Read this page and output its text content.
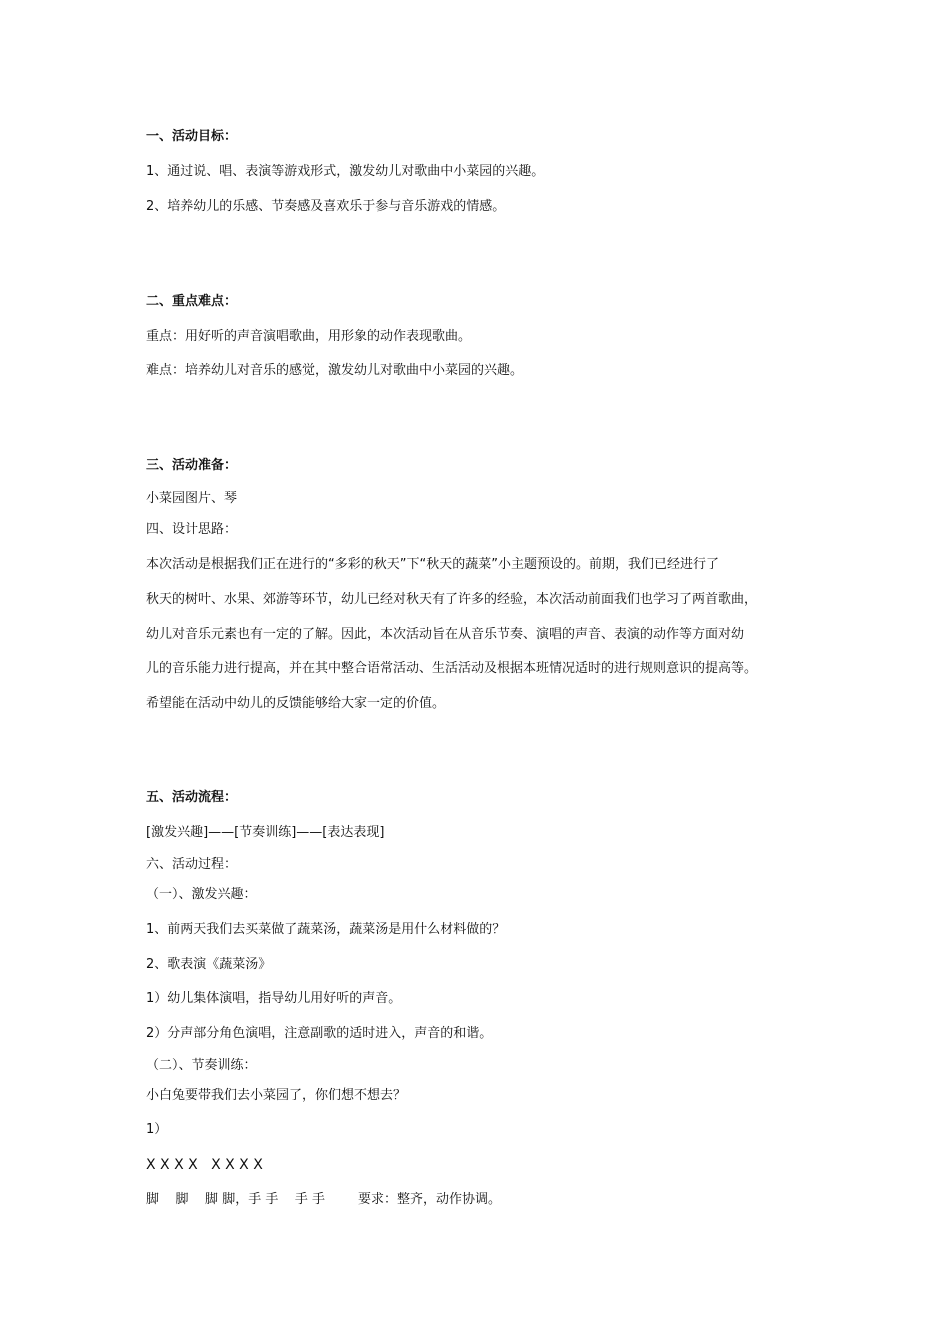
一、活动目标：

1、通过说、唱、表演等游戏形式，激发幼儿对歌曲中小菜园的兴趣。

2、培养幼儿的乐感、节奏感及喜欢乐于参与音乐游戏的情感。

二、重点难点：

重点：用好听的声音演唱歌曲，用形象的动作表现歌曲。

难点：培养幼儿对音乐的感觉，激发幼儿对歌曲中小菜园的兴趣。

三、活动准备：

小菜园图片、琴

四、设计思路：

本次活动是根据我们正在进行的“多彩的秋天”下“秋天的蔬菜”小主题预设的。前期，我们已经进行了

秋天的树叶、水果、郊游等环节，幼儿已经对秋天有了许多的经验，本次活动前面我们也学习了两首歌曲，

幼儿对音乐元素也有一定的了解。因此，本次活动旨在从音乐节奏、演唱的声音、表演的动作等方面对幼

儿的音乐能力进行提高，并在其中整合语常活动、生活活动及根据本班情况适时的进行规则意识的提高等。

希望能在活动中幼儿的反馈能够给大家一定的价值。

五、活动流程：

[激发兴趣]——[节奏训练]——[表达表现]

六、活动过程：

（一）、激发兴趣：

1、前两天我们去买菜做了蔬菜汤，蔬菜汤是用什么材料做的？

2、歌表演《蔬菜汤》

1）幼儿集体演唱，指导幼儿用好听的声音。

2）分声部分角色演唱，注意副歌的适时进入，声音的和谐。

（二）、节奏训练：

小白兔要带我们去小菜园了，你们想不想去？

1）

X X X X   X X X X

脚    脚    脚 脚，手 手    手 手        要求：整齐，动作协调。
